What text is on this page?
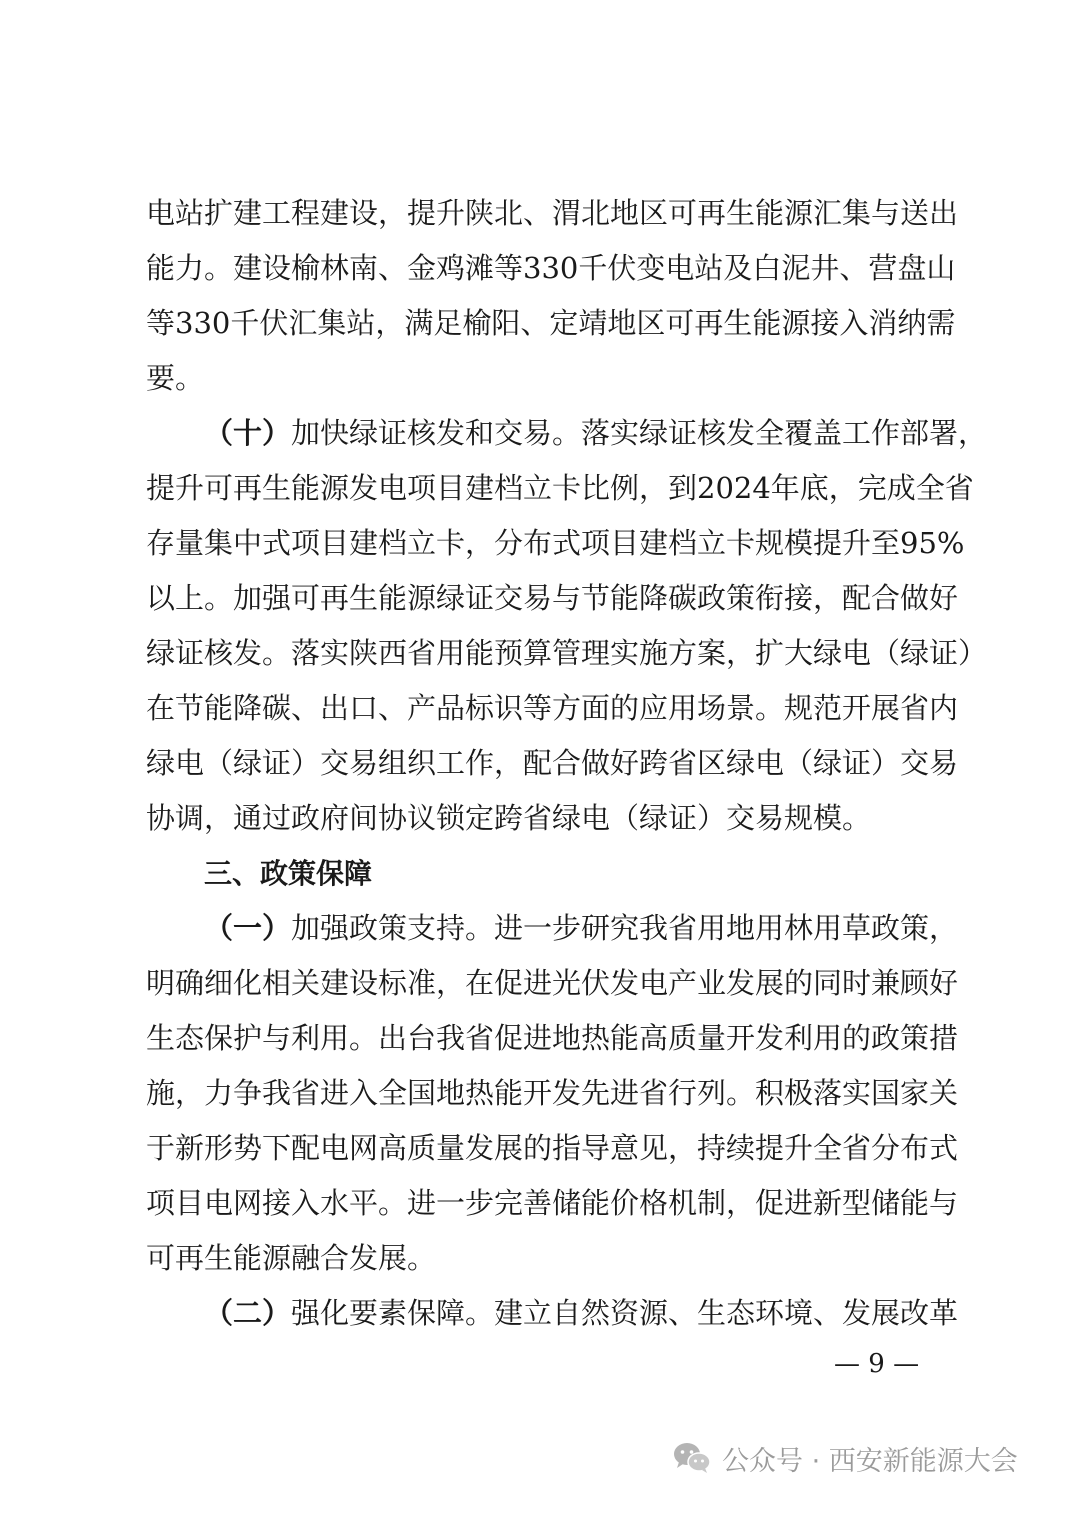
电站扩建工程建设，提升陕北、渭北地区可再生能源汇集与送出
能力。建设榆林南、金鸡滩等330千伏变电站及白泥井、营盘山
等330千伏汇集站，满足榆阳、定靖地区可再生能源接入消纳需
要。
（十）加快绿证核发和交易。落实绿证核发全覆盖工作部署，
提升可再生能源发电项目建档立卡比例，到2024年底，完成全省
存量集中式项目建档立卡，分布式项目建档立卡规模提升至95%
以上。加强可再生能源绿证交易与节能降碳政策衔接，配合做好
绿证核发。落实陕西省用能预算管理实施方案，扩大绿电（绿证）
在节能降碳、出口、产品标识等方面的应用场景。规范开展省内
绿电（绿证）交易组织工作，配合做好跨省区绿电（绿证）交易
协调，通过政府间协议锁定跨省绿电（绿证）交易规模。
三、政策保障
（一）加强政策支持。进一步研究我省用地用林用草政策，
明确细化相关建设标准，在促进光伏发电产业发展的同时兼顾好
生态保护与利用。出台我省促进地热能高质量开发利用的政策措
施，力争我省进入全国地热能开发先进省行列。积极落实国家关
于新形势下配电网高质量发展的指导意见，持续提升全省分布式
项目电网接入水平。进一步完善储能价格机制，促进新型储能与
可再生能源融合发展。
（二）强化要素保障。建立自然资源、生态环境、发展改革
— 9 —
公众号 · 西安新能源大会
